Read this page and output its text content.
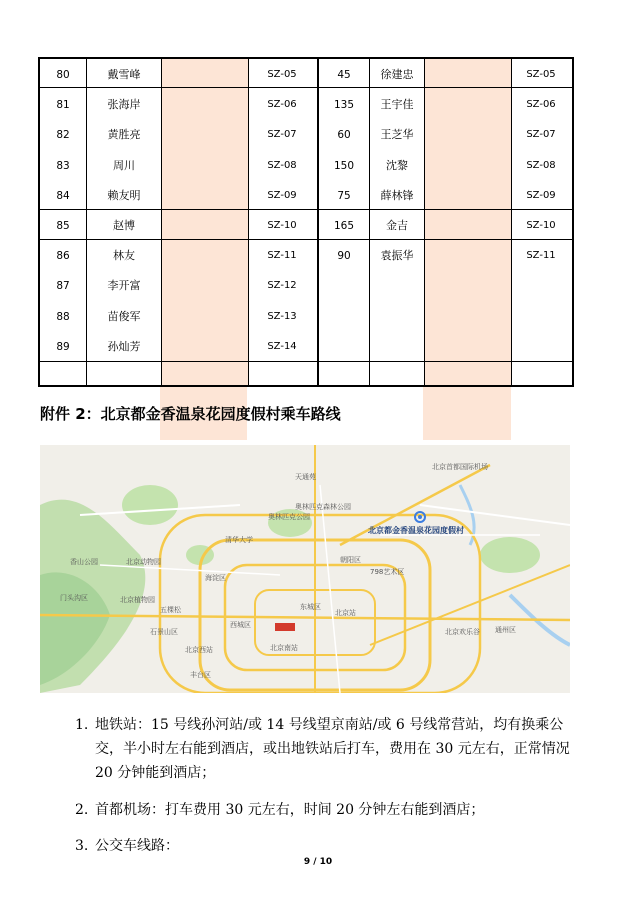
80	戴雪峰	SZ-05
81	张海岸	SZ-06
82	黄胜亮	SZ-07
83	周川	SZ-08
84	赖友明	SZ-09
85	赵博	SZ-10
86	林友	SZ-11
87	李开富	SZ-12
88	苗俊军	SZ-13
89	孙灿芳	SZ-14
45	徐建忠	SZ-05
135	王宇佳	SZ-06
60	王芝华	SZ-07
150	沈黎	SZ-08
75	薛林锋	SZ-09
165	金吉	SZ-10
90	袁振华	SZ-11
附件 2：北京都金香温泉花园度假村乘车路线
北京都金香温泉花园度假村
天通苑
北京首都国际机场
奥林匹克公园
清华大学
北京动物园
海淀区
朝阳区
北京站
东城区
西城区
北京西站	北京南站
丰台区
石景山区	通州区
门头沟区
798艺术区
五棵松
北京欢乐谷
奥林匹克森林公园
北京植物园
香山公园
1. 地铁站：15 号线孙河站/或 14 号线望京南站/或 6 号线常营站，均有换乘公交，半小时左右能到酒店，或出地铁站后打车，费用在 30 元左右，正常情况 20 分钟能到酒店；
2. 首都机场：打车费用 30 元左右，时间 20 分钟左右能到酒店；
3. 公交车线路：
9 / 10
